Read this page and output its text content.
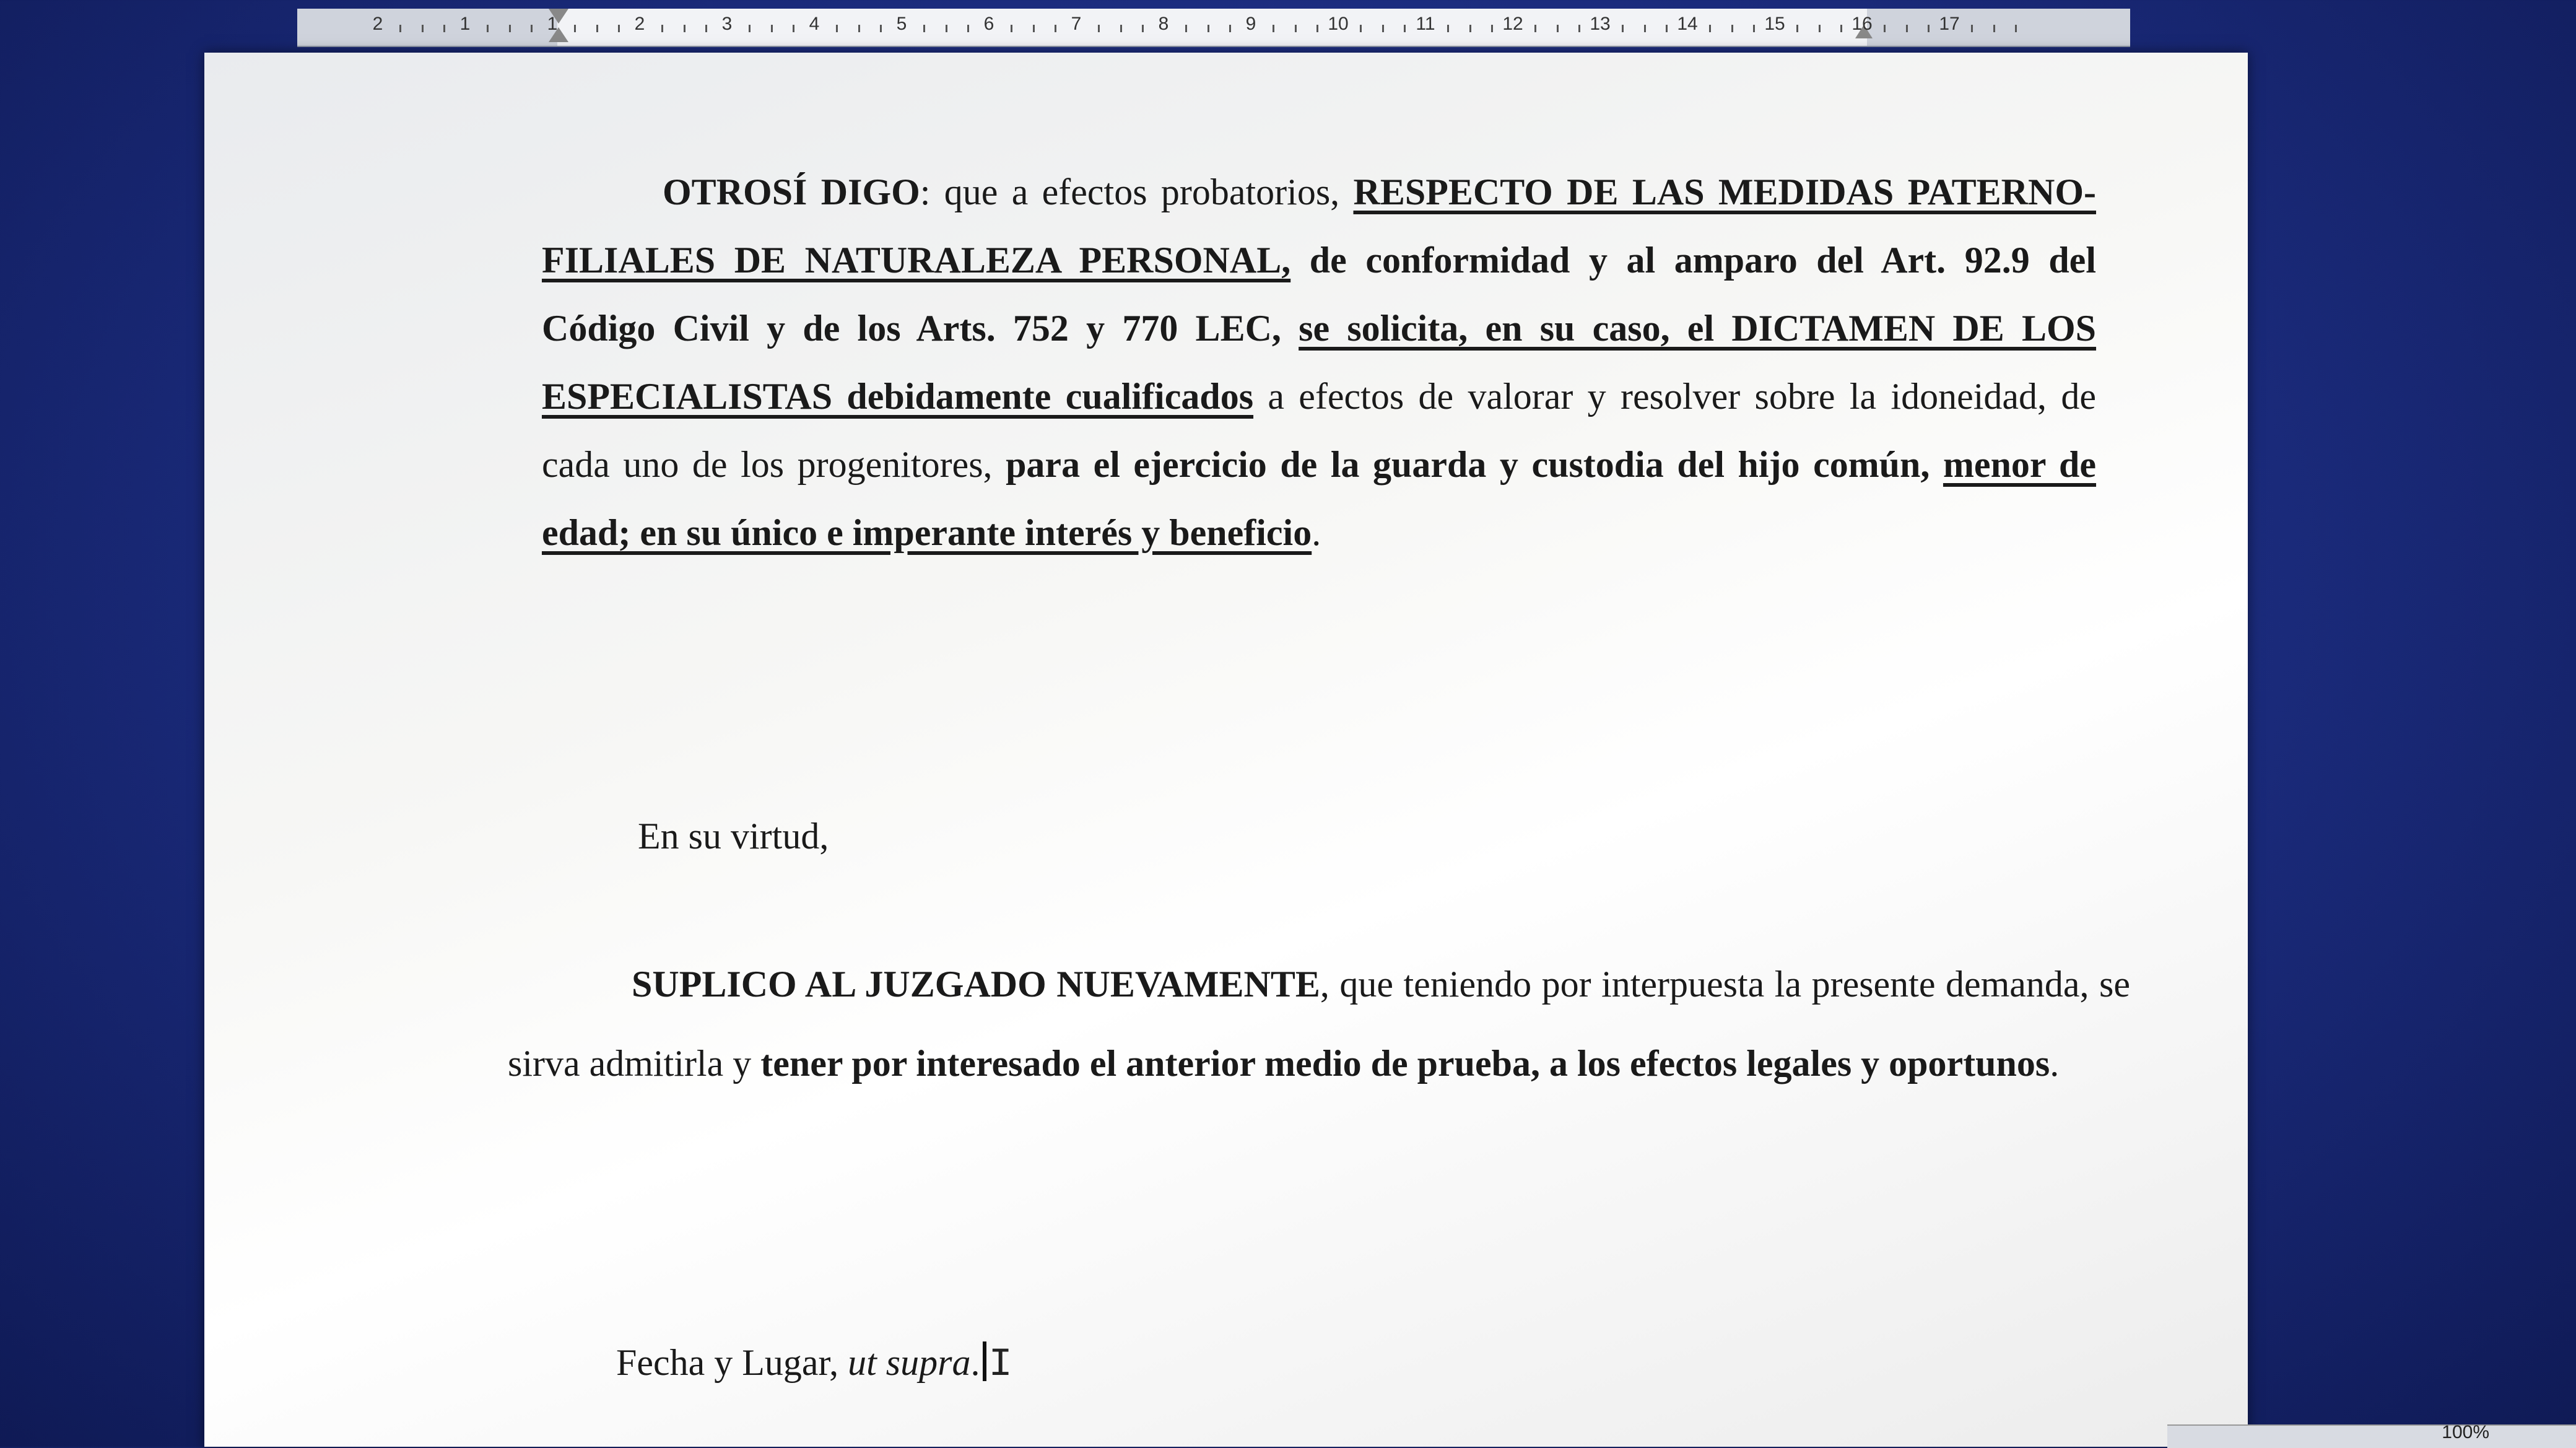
2	1	1	2	3	4	5	6	7	8	9	10	11	12	13	14	15	16	17
OTROSÍ DIGO: que a efectos probatorios, RESPECTO DE LAS MEDIDAS PATERNO-FILIALES DE NATURALEZA PERSONAL, de conformidad y al amparo del Art. 92.9 del Código Civil y de los Arts. 752 y 770 LEC, se solicita, en su caso, el DICTAMEN DE LOS ESPECIALISTAS debidamente cualificados a efectos de valorar y resolver sobre la idoneidad, de cada uno de los progenitores, para el ejercicio de la guarda y custodia del hijo común, menor de edad; en su único e imperante interés y beneficio.
En su virtud,
SUPLICO AL JUZGADO NUEVAMENTE, que teniendo por interpuesta la presente demanda, se sirva admitirla y tener por interesado el anterior medio de prueba, a los efectos legales y oportunos.
Fecha y Lugar, ut supra. I
100%
